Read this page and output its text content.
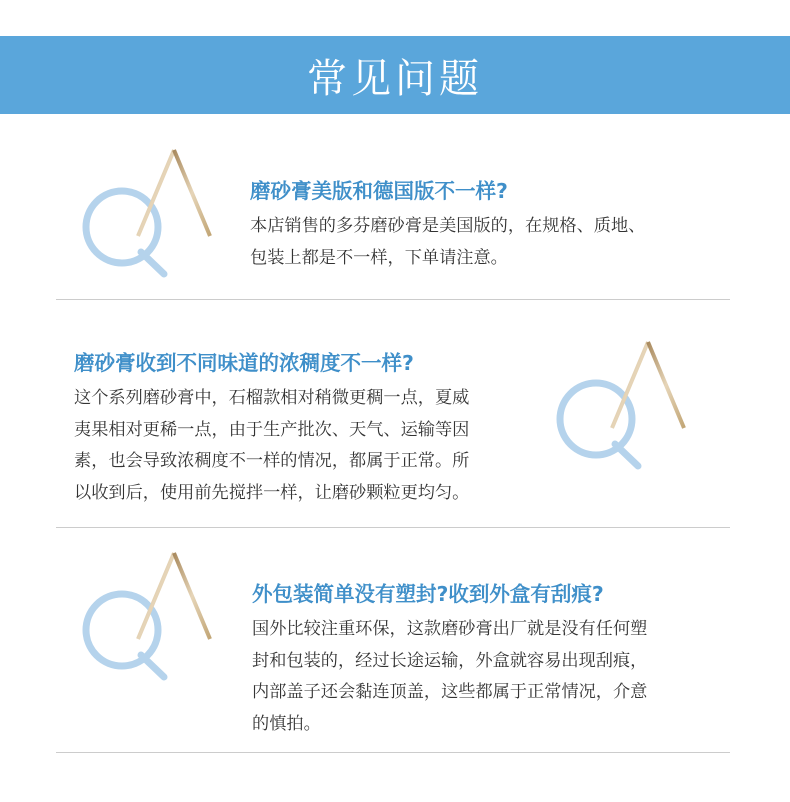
常见问题
磨砂膏美版和德国版不一样?
本店销售的多芬磨砂膏是美国版的，在规格、质地、
包装上都是不一样，下单请注意。
磨砂膏收到不同味道的浓稠度不一样?
这个系列磨砂膏中，石榴款相对稍微更稠一点，夏威
夷果相对更稀一点，由于生产批次、天气、运输等因
素，也会导致浓稠度不一样的情况，都属于正常。所
以收到后，使用前先搅拌一样，让磨砂颗粒更均匀。
外包装简单没有塑封?收到外盒有刮痕?
国外比较注重环保，这款磨砂膏出厂就是没有任何塑
封和包装的，经过长途运输，外盒就容易出现刮痕，
内部盖子还会黏连顶盖，这些都属于正常情况，介意
的慎拍。
